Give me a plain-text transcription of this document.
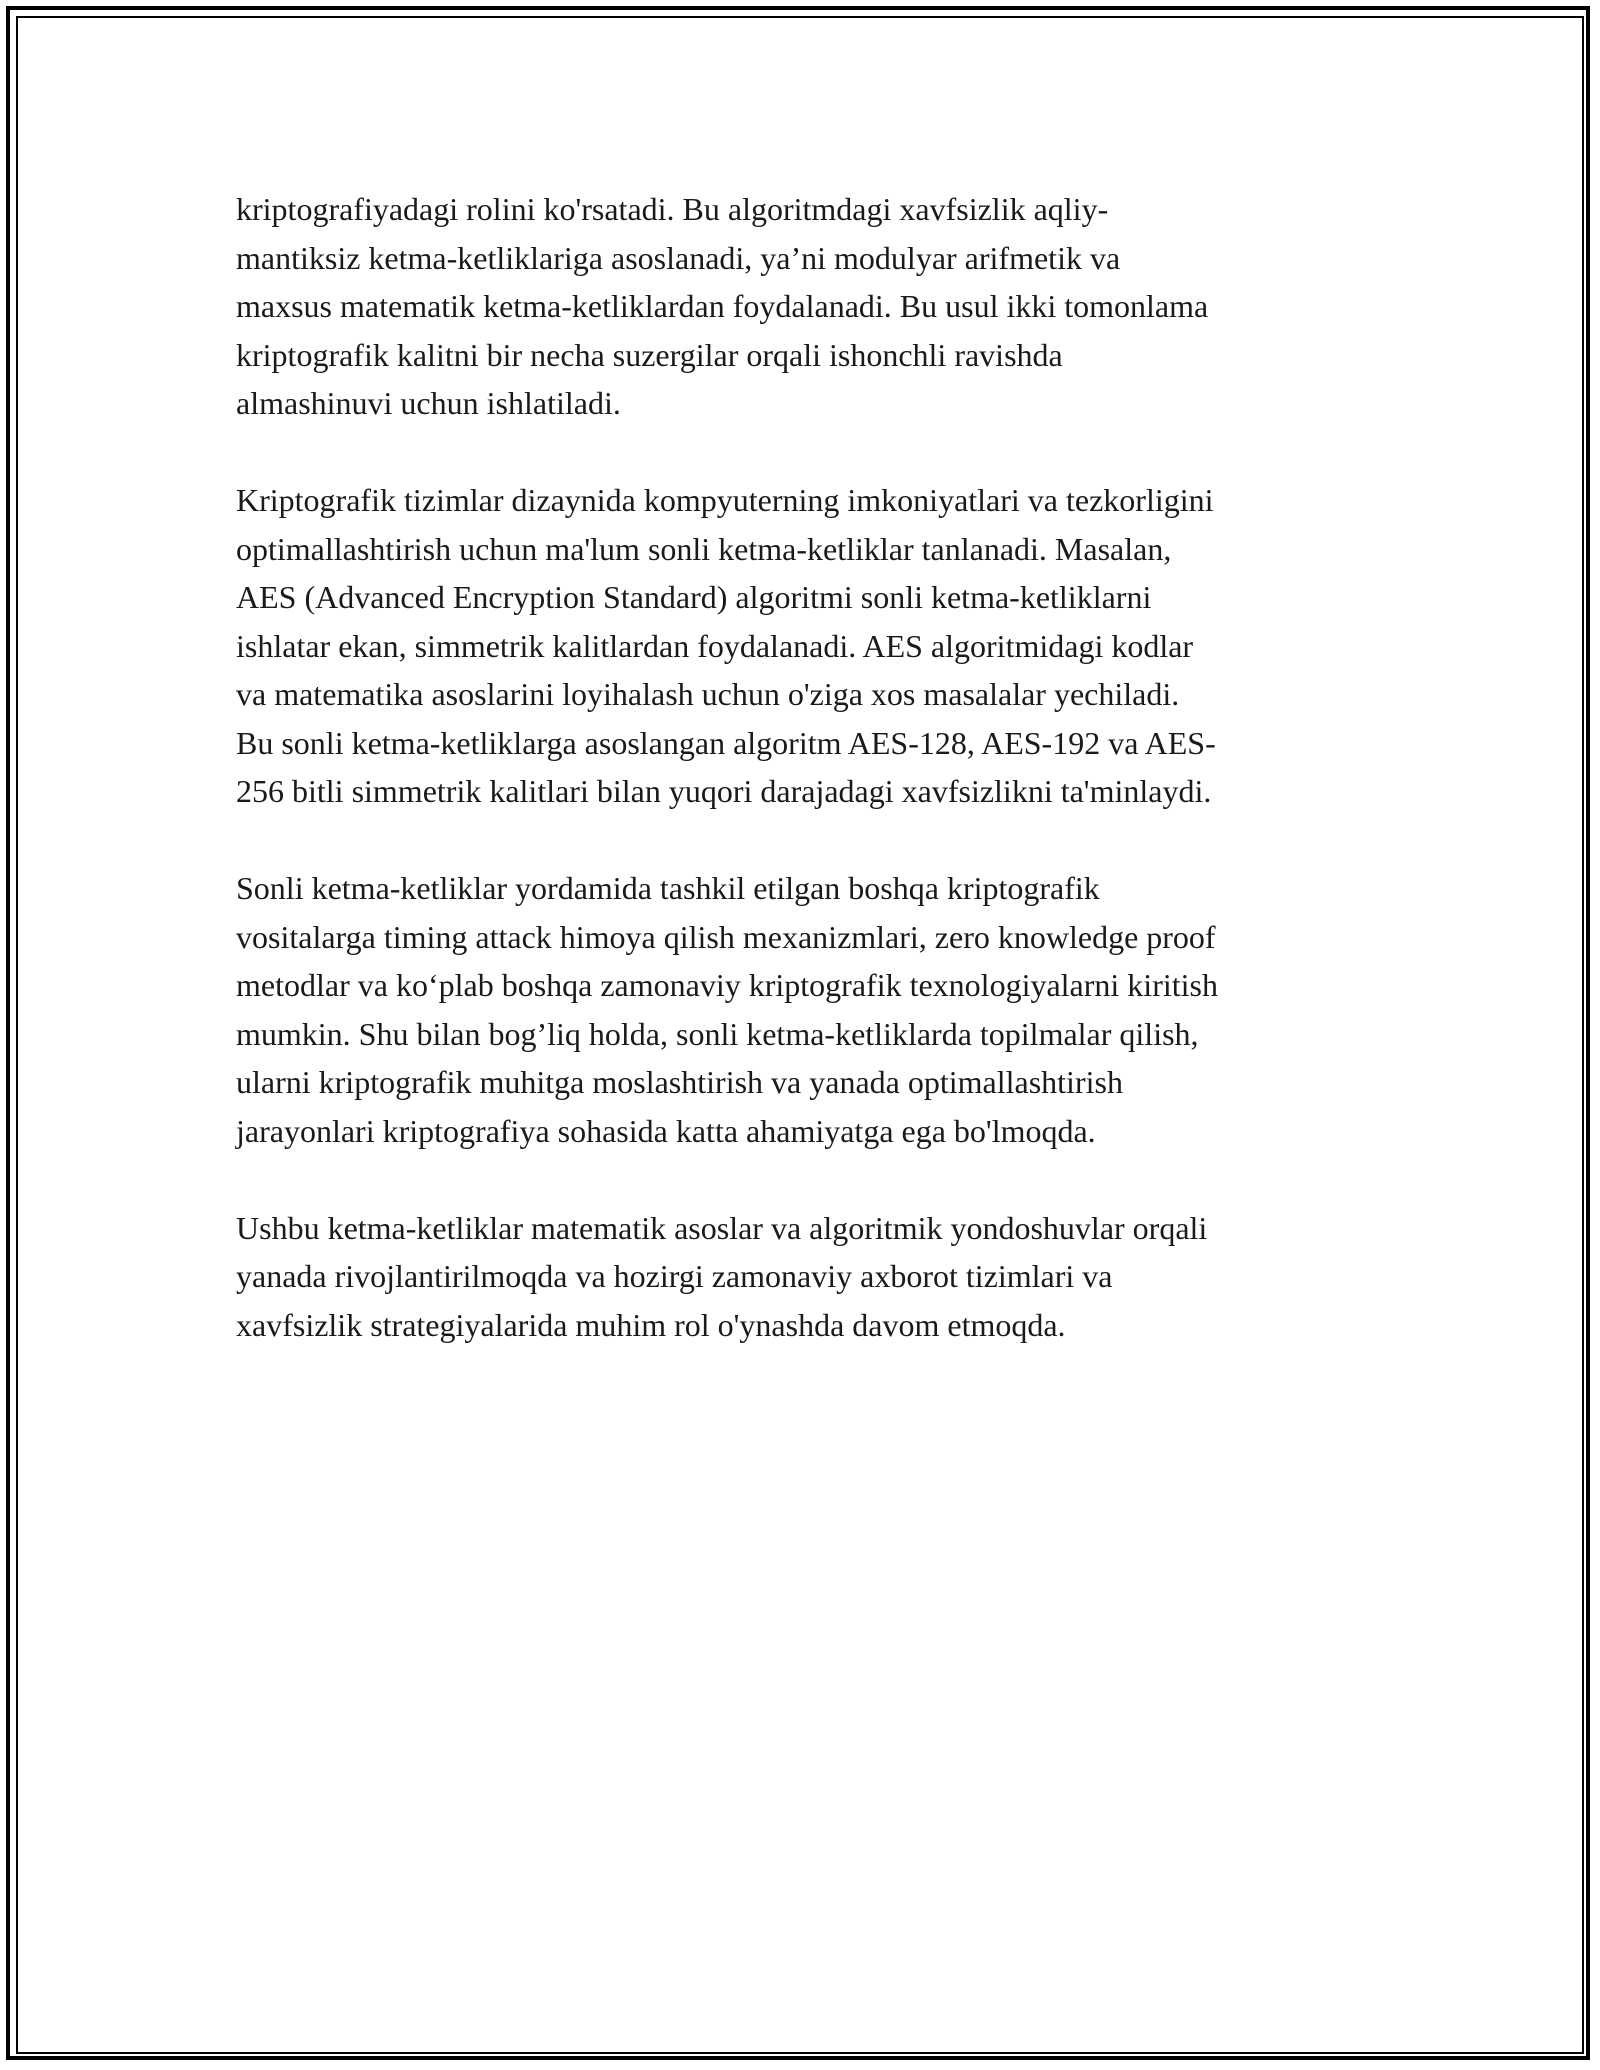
kriptografiyadagi rolini ko'rsatadi. Bu algoritmdagi xavfsizlik aqliy-
mantiksiz ketma-ketliklariga asoslanadi, ya’ni modulyar arifmetik va
maxsus matematik ketma-ketliklardan foydalanadi. Bu usul ikki tomonlama
kriptografik kalitni bir necha suzergilar orqali ishonchli ravishda
almashinuvi uchun ishlatiladi.

Kriptografik tizimlar dizaynida kompyuterning imkoniyatlari va tezkorligini
optimallashtirish uchun ma'lum sonli ketma-ketliklar tanlanadi. Masalan,
AES (Advanced Encryption Standard) algoritmi sonli ketma-ketliklarni
ishlatar ekan, simmetrik kalitlardan foydalanadi. AES algoritmidagi kodlar
va matematika asoslarini loyihalash uchun o'ziga xos masalalar yechiladi.
Bu sonli ketma-ketliklarga asoslangan algoritm AES-128, AES-192 va AES-
256 bitli simmetrik kalitlari bilan yuqori darajadagi xavfsizlikni ta'minlaydi.

Sonli ketma-ketliklar yordamida tashkil etilgan boshqa kriptografik
vositalarga timing attack himoya qilish mexanizmlari, zero knowledge proof
metodlar va ko‘plab boshqa zamonaviy kriptografik texnologiyalarni kiritish
mumkin. Shu bilan bog’liq holda, sonli ketma-ketliklarda topilmalar qilish,
ularni kriptografik muhitga moslashtirish va yanada optimallashtirish
jarayonlari kriptografiya sohasida katta ahamiyatga ega bo'lmoqda.

Ushbu ketma-ketliklar matematik asoslar va algoritmik yondoshuvlar orqali
yanada rivojlantirilmoqda va hozirgi zamonaviy axborot tizimlari va
xavfsizlik strategiyalarida muhim rol o'ynashda davom etmoqda.
